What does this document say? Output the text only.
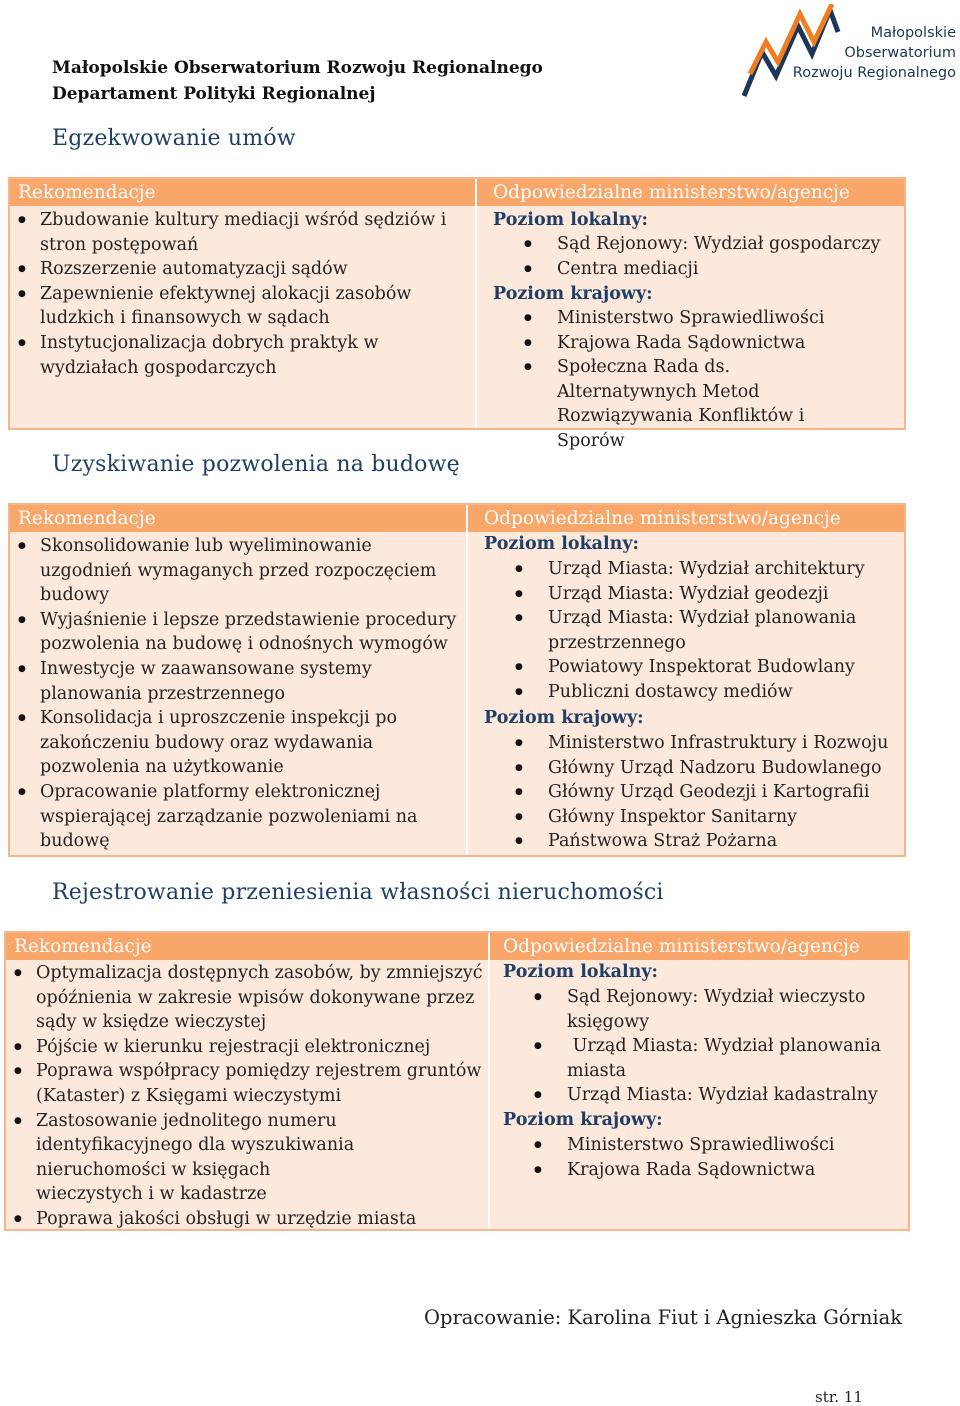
Małopolskie Obserwatorium Rozwoju Regionalnego
Departament Polityki Regionalnej
Małopolskie
Obserwatorium
Rozwoju Regionalnego
Egzekwowanie umów
Rekomendacje
● Zbudowanie kultury mediacji wśród sędziów i stron postępowań
● Rozszerzenie automatyzacji sądów
● Zapewnienie efektywnej alokacji zasobów ludzkich i finansowych w sądach
● Instytucjonalizacja dobrych praktyk w wydziałach gospodarczych
Odpowiedzialne ministerstwo/agencje
Poziom lokalny:
● Sąd Rejonowy: Wydział gospodarczy
● Centra mediacji
Poziom krajowy:
● Ministerstwo Sprawiedliwości
● Krajowa Rada Sądownictwa
● Społeczna Rada ds. Alternatywnych Metod Rozwiązywania Konfliktów i Sporów
Uzyskiwanie pozwolenia na budowę
Rekomendacje
● Skonsolidowanie lub wyeliminowanie uzgodnień wymaganych przed rozpoczęciem budowy
● Wyjaśnienie i lepsze przedstawienie procedury pozwolenia na budowę i odnośnych wymogów
● Inwestycje w zaawansowane systemy planowania przestrzennego
● Konsolidacja i uproszczenie inspekcji po zakończeniu budowy oraz wydawania pozwolenia na użytkowanie
● Opracowanie platformy elektronicznej wspierającej zarządzanie pozwoleniami na budowę
Odpowiedzialne ministerstwo/agencje
Poziom lokalny:
● Urząd Miasta: Wydział architektury
● Urząd Miasta: Wydział geodezji
● Urząd Miasta: Wydział planowania przestrzennego
● Powiatowy Inspektorat Budowlany
● Publiczni dostawcy mediów
Poziom krajowy:
● Ministerstwo Infrastruktury i Rozwoju
● Główny Urząd Nadzoru Budowlanego
● Główny Urząd Geodezji i Kartografii
● Główny Inspektor Sanitarny
● Państwowa Straż Pożarna
Rejestrowanie przeniesienia własności nieruchomości
Rekomendacje
● Optymalizacja dostępnych zasobów, by zmniejszyć opóźnienia w zakresie wpisów dokonywane przez sądy w księdze wieczystej
● Pójście w kierunku rejestracji elektronicznej
● Poprawa współpracy pomiędzy rejestrem gruntów (Kataster) z Księgami wieczystymi
● Zastosowanie jednolitego numeru identyfikacyjnego dla wyszukiwania nieruchomości w księgach wieczystych i w kadastrze
● Poprawa jakości obsługi w urzędzie miasta
Odpowiedzialne ministerstwo/agencje
Poziom lokalny:
● Sąd Rejonowy: Wydział wieczysto księgowy
●  Urząd Miasta: Wydział planowania miasta
● Urząd Miasta: Wydział kadastralny
Poziom krajowy:
● Ministerstwo Sprawiedliwości
● Krajowa Rada Sądownictwa
Opracowanie: Karolina Fiut i Agnieszka Górniak
str. 11
